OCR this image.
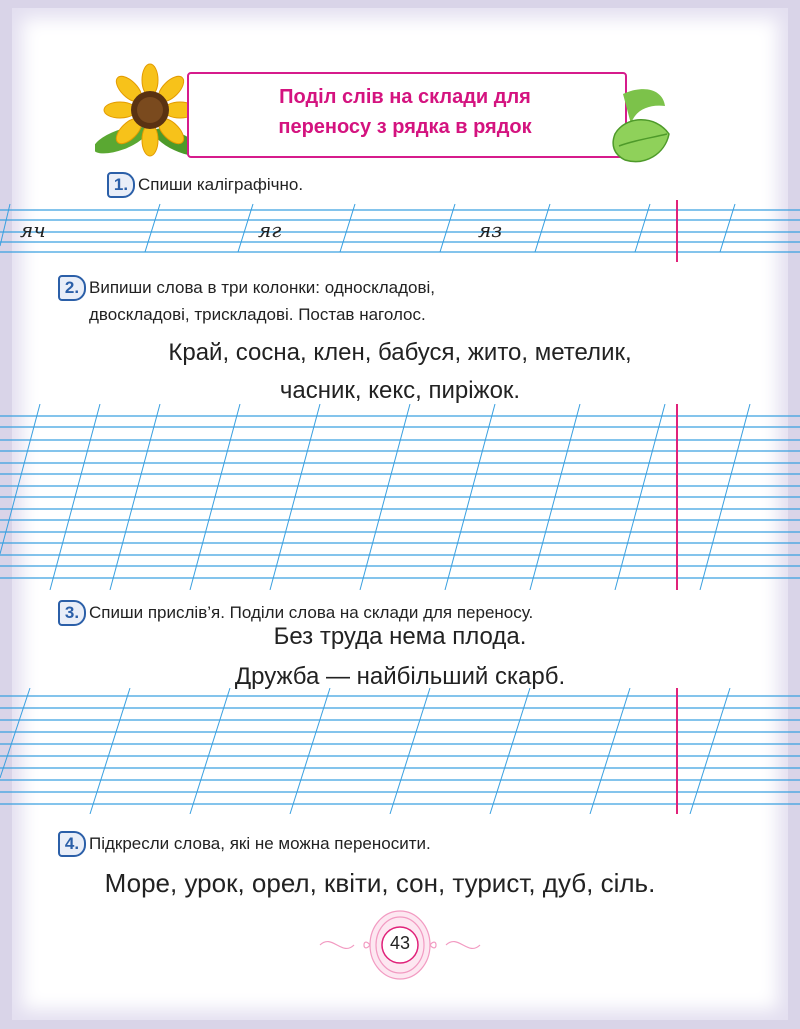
Поділ слів на склади для
переносу з рядка в рядок
1. Спиши каліграфічно.
яч	яг	яз
2. Випиши слова в три колонки: односкладові,
двоскладові, трискладові. Постав наголос.
Край, сосна, клен, бабуся, жито, метелик,
часник, кекс, пиріжок.
3. Спиши прислів’я. Поділи слова на склади для переносу.
Без труда нема плода.
Дружба — найбільший скарб.
4. Підкресли слова, які не можна переносити.
Море, урок, орел, квіти, сон, турист, дуб, сіль.
43
